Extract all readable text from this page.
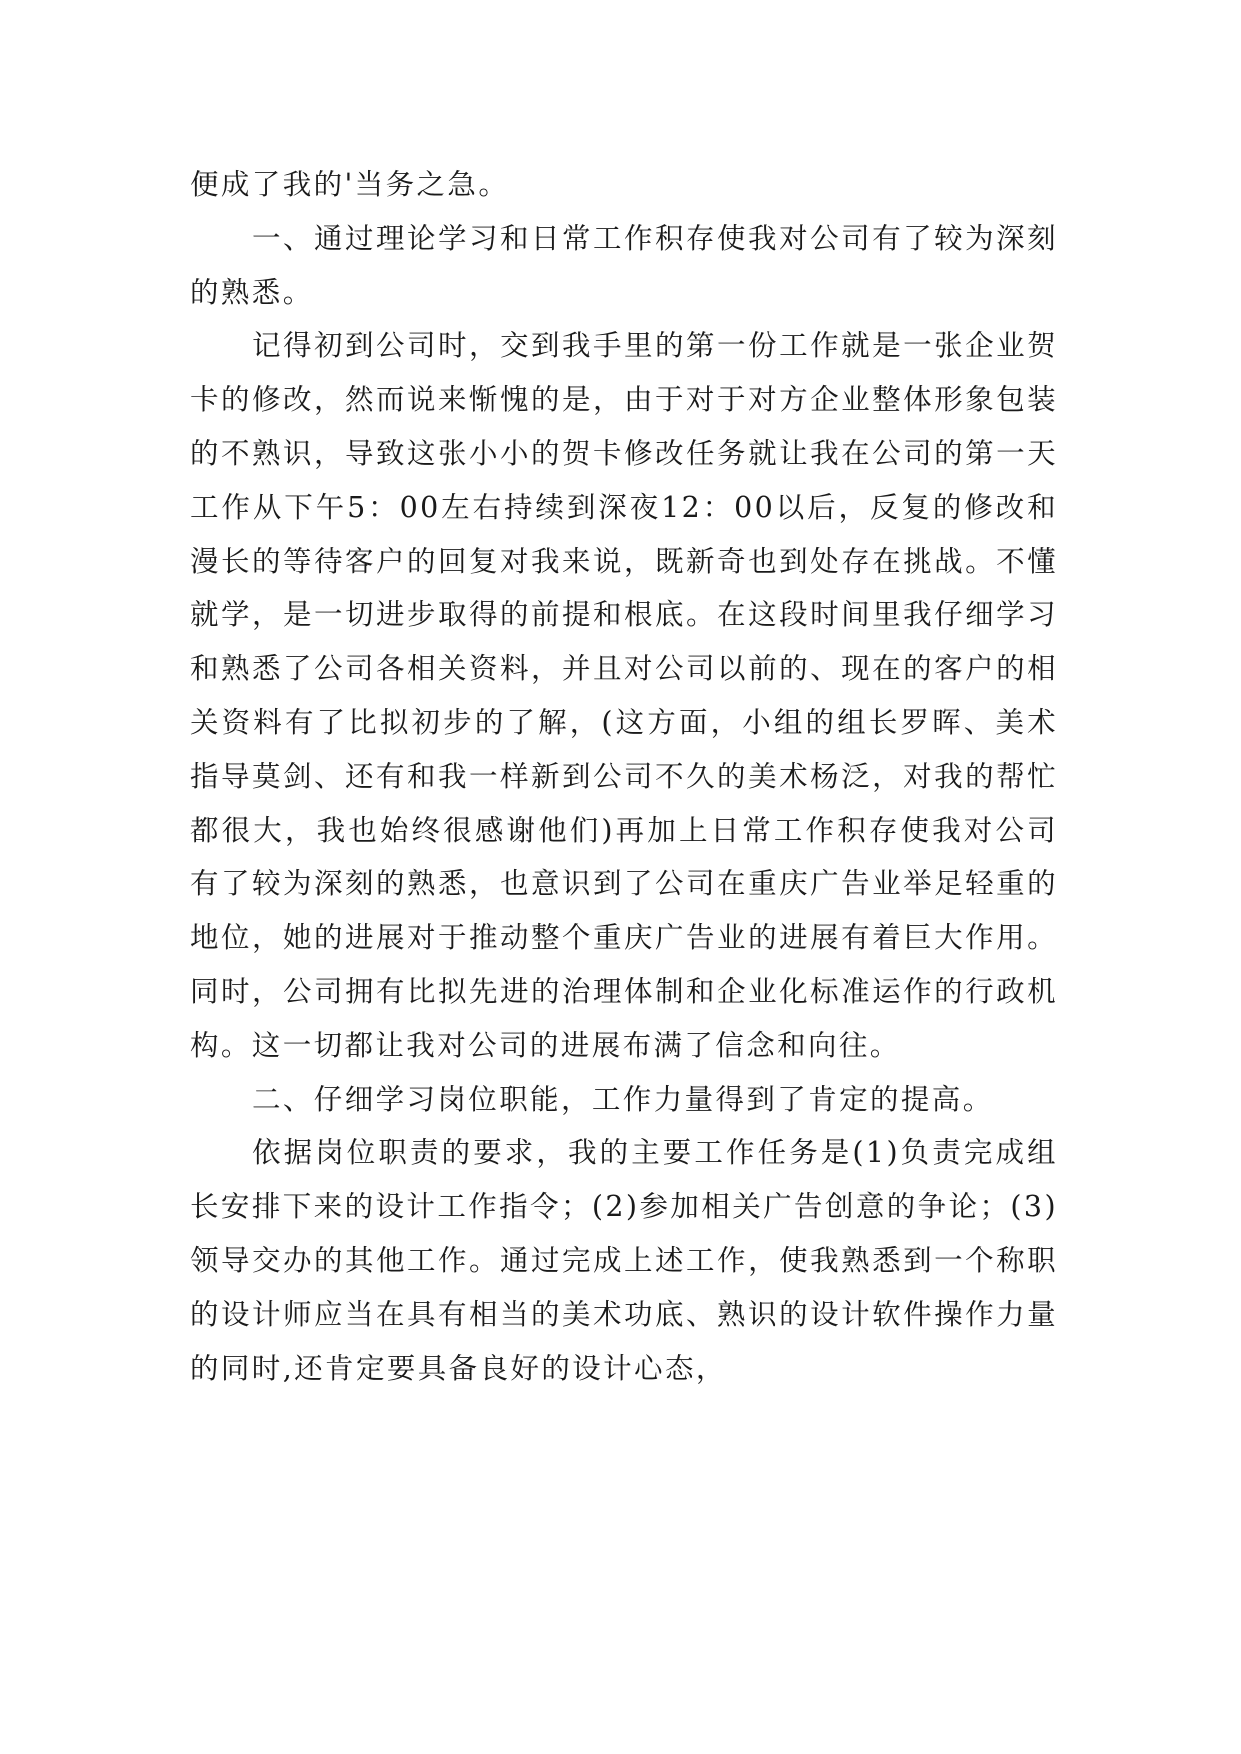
便成了我的'当务之急。

一、通过理论学习和日常工作积存使我对公司有了较为深刻的熟悉。

记得初到公司时，交到我手里的第一份工作就是一张企业贺卡的修改，然而说来惭愧的是，由于对于对方企业整体形象包装的不熟识，导致这张小小的贺卡修改任务就让我在公司的第一天工作从下午5：00左右持续到深夜12：00以后，反复的修改和漫长的等待客户的回复对我来说，既新奇也到处存在挑战。不懂就学，是一切进步取得的前提和根底。在这段时间里我仔细学习和熟悉了公司各相关资料，并且对公司以前的、现在的客户的相关资料有了比拟初步的了解，(这方面，小组的组长罗晖、美术指导莫剑、还有和我一样新到公司不久的美术杨泛，对我的帮忙都很大，我也始终很感谢他们)再加上日常工作积存使我对公司有了较为深刻的熟悉，也意识到了公司在重庆广告业举足轻重的地位，她的进展对于推动整个重庆广告业的进展有着巨大作用。同时，公司拥有比拟先进的治理体制和企业化标准运作的行政机构。这一切都让我对公司的进展布满了信念和向往。

二、仔细学习岗位职能，工作力量得到了肯定的提高。

依据岗位职责的要求，我的主要工作任务是(1)负责完成组长安排下来的设计工作指令；(2)参加相关广告创意的争论；(3)领导交办的其他工作。通过完成上述工作，使我熟悉到一个称职的设计师应当在具有相当的美术功底、熟识的设计软件操作力量的同时,还肯定要具备良好的设计心态，
